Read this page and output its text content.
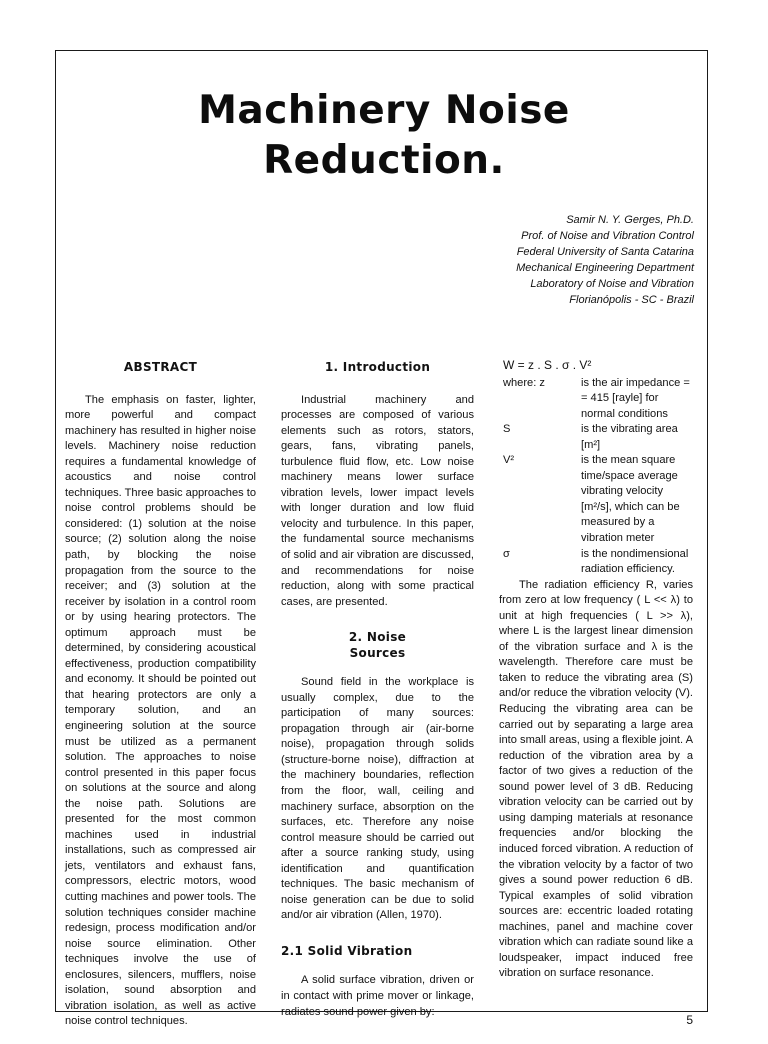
Machinery Noise
Reduction.
Samir N. Y. Gerges, Ph.D.
Prof. of Noise and Vibration Control
Federal University of Santa Catarina
Mechanical Engineering Department
Laboratory of Noise and Vibration
Florianópolis - SC - Brazil
ABSTRACT

The emphasis on faster, lighter, more powerful and compact machinery has resulted in higher noise levels. Machinery noise reduction requires a fundamental knowledge of acoustics and noise control techniques. Three basic approaches to noise control problems should be considered: (1) solution at the noise source; (2) solution along the noise path, by blocking the noise propagation from the source to the receiver; and (3) solution at the receiver by isolation in a control room or by using hearing protectors. The optimum approach must be determined, by considering acoustical effectiveness, production compatibility and economy. It should be pointed out that hearing protectors are only a temporary solution, and an engineering solution at the source must be utilized as a permanent solution. The approaches to noise control presented in this paper focus on solutions at the source and along the noise path. Solutions are presented for the most common machines used in industrial installations, such as compressed air jets, ventilators and exhaust fans, compressors, electric motors, wood cutting machines and power tools. The solution techniques consider machine redesign, process modification and/or noise source elimination. Other techniques involve the use of enclosures, silencers, mufflers, noise isolation, sound absorption and vibration isolation, as well as active noise control techniques.

1. Introduction

Industrial machinery and processes are composed of various elements such as rotors, stators, gears, fans, vibrating panels, turbulence fluid flow, etc. Low noise machinery means lower surface vibration levels, lower impact levels with longer duration and low fluid velocity and turbulence. In this paper, the fundamental source mechanisms of solid and air vibration are discussed, and recommendations for noise reduction, along with some practical cases, are presented.

2. Noise
Sources

Sound field in the workplace is usually complex, due to the participation of many sources: propagation through air (air-borne noise), propagation through solids (structure-borne noise), diffraction at the machinery boundaries, reflection from the floor, wall, ceiling and machinery surface, absorption on the surfaces, etc. Therefore any noise control measure should be carried out after a source ranking study, using identification and quantification techniques. The basic mechanism of noise generation can be due to solid and/or air vibration (Allen, 1970).

2.1 Solid Vibration

A solid surface vibration, driven or in contact with prime mover or linkage, radiates sound power given by:

W = z . S . σ . V²
where: z	is the air impedance = = 415 [rayle] for normal conditions
S	is the vibrating area [m²]
V²	is the mean square time/space average vibrating velocity [m²/s], which can be measured by a vibration meter
σ	is the nondimensional radiation efficiency.

The radiation efficiency R, varies from zero at low frequency ( L << λ) to unit at high frequencies ( L >> λ), where L is the largest linear dimension of the vibration surface and λ is the wavelength. Therefore care must be taken to reduce the vibrating area (S) and/or reduce the vibration velocity (V). Reducing the vibrating area can be carried out by separating a large area into small areas, using a flexible joint. A reduction of the vibration area by a factor of two gives a reduction of the sound power level of 3 dB. Reducing vibration velocity can be carried out by using damping materials at resonance frequencies and/or blocking the induced forced vibration. A reduction of the vibration velocity by a factor of two gives a sound power reduction 6 dB. Typical examples of solid vibration sources are: eccentric loaded rotating machines, panel and machine cover vibration which can radiate sound like a loudspeaker, impact induced free vibration on surface resonance.

5
